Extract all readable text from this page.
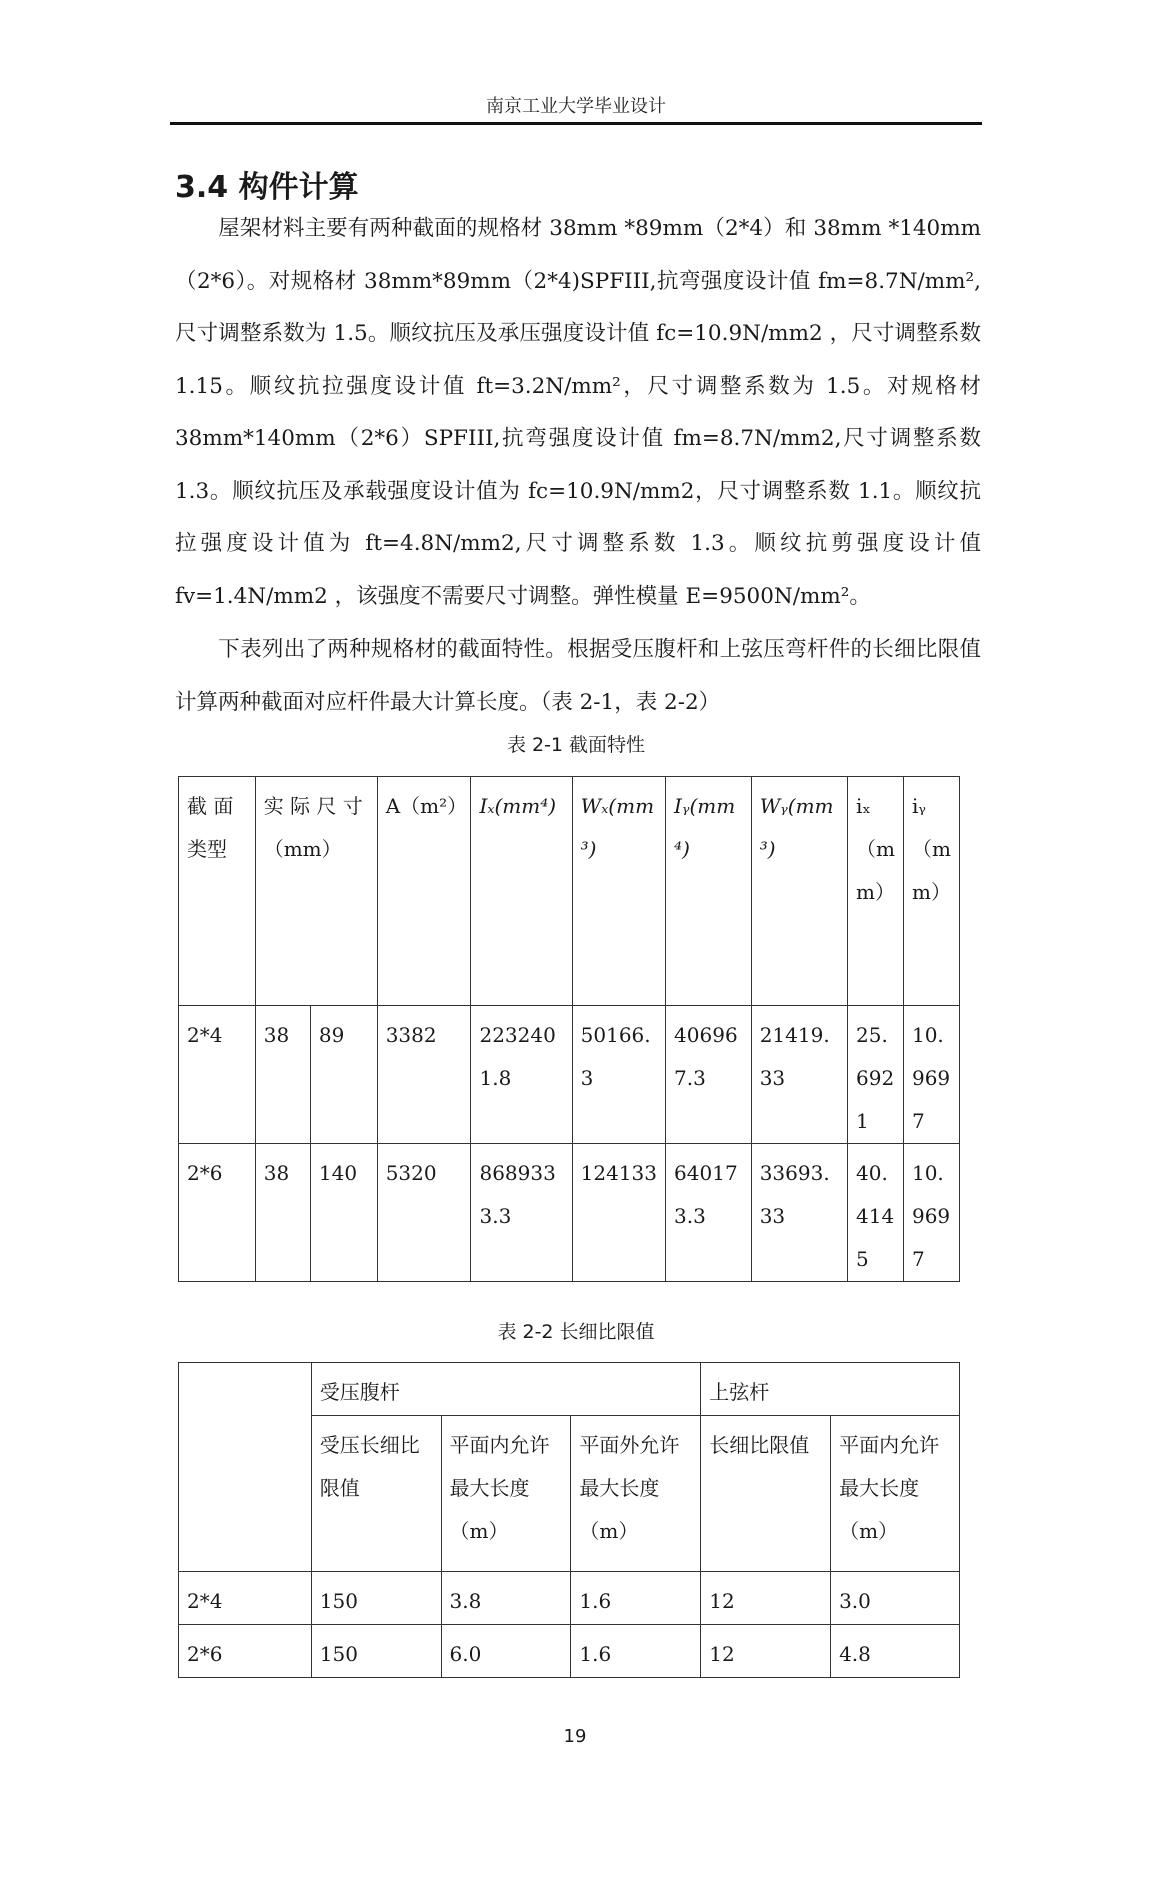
南京工业大学毕业设计
3.4 构件计算

屋架材料主要有两种截面的规格材 38mm *89mm（2*4）和 38mm *140mm（2*6）。对规格材 38mm*89mm（2*4)SPFIII,抗弯强度设计值 fm=8.7N/mm²,尺寸调整系数为 1.5。顺纹抗压及承压强度设计值 fc=10.9N/mm2 ，尺寸调整系数 1.15。顺纹抗拉强度设计值 ft=3.2N/mm²，尺寸调整系数为 1.5。对规格材 38mm*140mm（2*6）SPFIII,抗弯强度设计值 fm=8.7N/mm2,尺寸调整系数 1.3。顺纹抗压及承载强度设计值为 fc=10.9N/mm2，尺寸调整系数 1.1。顺纹抗拉强度设计值为 ft=4.8N/mm2,尺寸调整系数 1.3。顺纹抗剪强度设计值 fv=1.4N/mm2 ，该强度不需要尺寸调整。弹性模量 E=9500N/mm²。

下表列出了两种规格材的截面特性。根据受压腹杆和上弦压弯杆件的长细比限值计算两种截面对应杆件最大计算长度。（表 2-1，表 2-2）

表 2-1 截面特性
截 面 类型	实 际 尺 寸 （mm）		A（m²）	Iₓ(mm⁴)	Wₓ(mm³)	Iᵧ(mm⁴)	Wᵧ(mm³)	iₓ（mm）	iᵧ（mm）
2*4	38	89	3382	2232401.8	50166.3	406967.3	21419.33	25.6921	10.9697
2*6	38	140	5320	8689333.3	124133	640173.3	33693.33	40.4145	10.9697
表 2-2 长细比限值
	受压腹杆			上弦杆	
	受压长细比限值	平面内允许最大长度（m）	平面外允许最大长度（m）	长细比限值	平面内允许最大长度（m）
2*4	150	3.8	1.6	12	3.0
2*6	150	6.0	1.6	12	4.8
19
